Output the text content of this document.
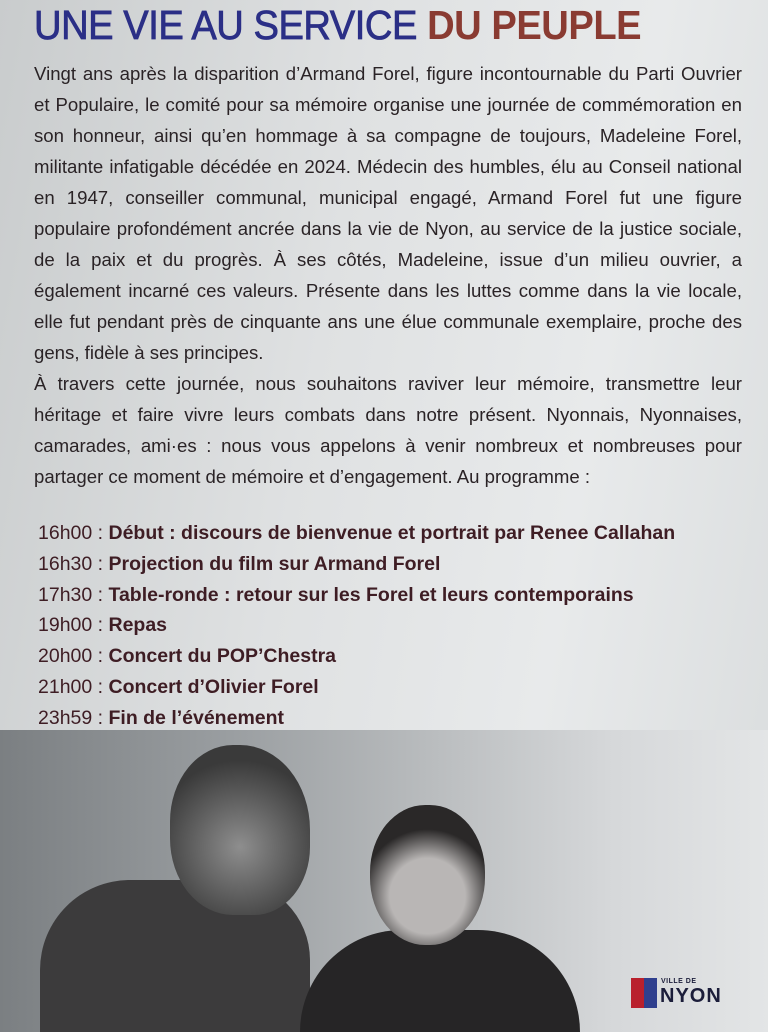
UNE VIE AU SERVICE DU PEUPLE

Vingt ans après la disparition d’Armand Forel, figure incontournable du Parti Ouvrier et Populaire, le comité pour sa mémoire organise une journée de commémoration en son honneur, ainsi qu’en hommage à sa compagne de toujours, Madeleine Forel, militante infatigable décédée en 2024. Médecin des humbles, élu au Conseil national en 1947, conseiller communal, municipal engagé, Armand Forel fut une figure populaire profondément ancrée dans la vie de Nyon, au service de la justice sociale, de la paix et du progrès. À ses côtés, Madeleine, issue d’un milieu ouvrier, a également incarné ces valeurs. Présente dans les luttes comme dans la vie locale, elle fut pendant près de cinquante ans une élue communale exemplaire, proche des gens, fidèle à ses principes.

À travers cette journée, nous souhaitons raviver leur mémoire, transmettre leur héritage et faire vivre leurs combats dans notre présent. Nyonnais, Nyonnaises, camarades, ami·es : nous vous appelons à venir nombreux et nombreuses pour partager ce moment de mémoire et d’engagement. Au programme :

16h00 : Début : discours de bienvenue et portrait par Renee Callahan
16h30 : Projection du film sur Armand Forel
17h30 : Table-ronde : retour sur les Forel et leurs contemporains
19h00 : Repas
20h00 : Concert du POP’Chestra
21h00 : Concert d’Olivier Forel
23h59 : Fin de l’événement
VILLE DE
NYON
